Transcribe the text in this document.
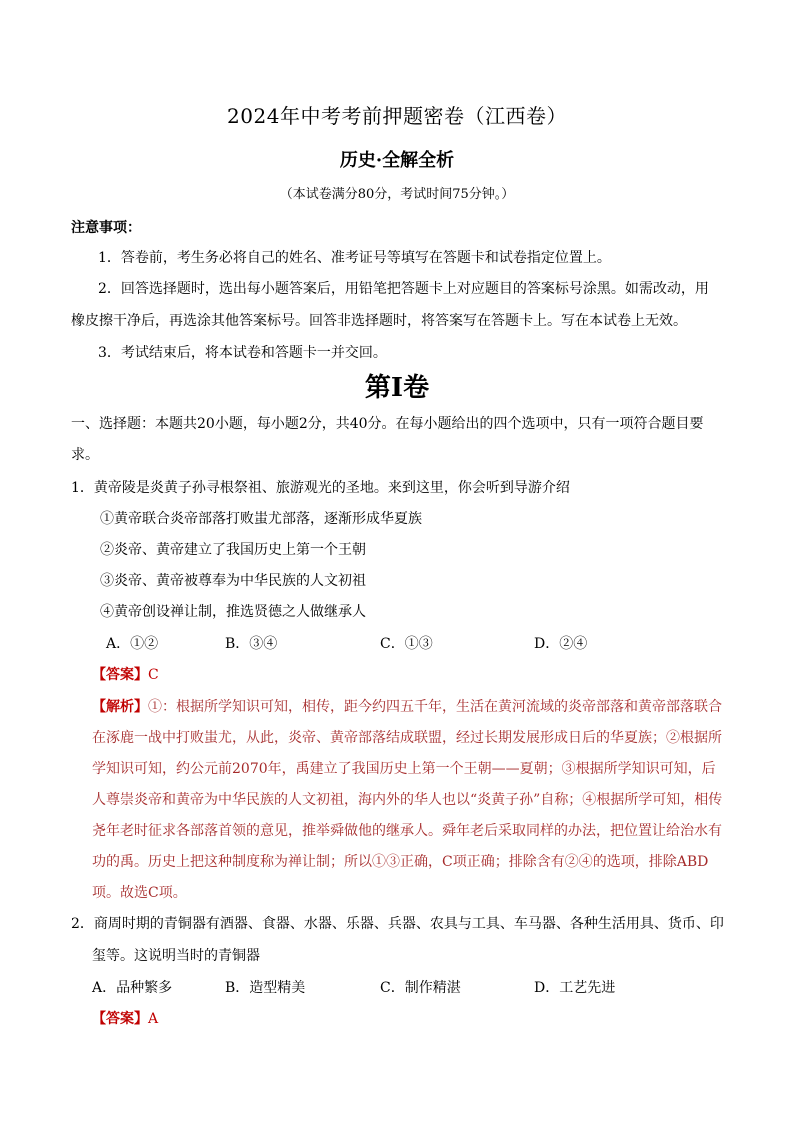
2024年中考考前押题密卷（江西卷）
历史·全解全析
（本试卷满分80分，考试时间75分钟。）
注意事项：
1．答卷前，考生务必将自己的姓名、准考证号等填写在答题卡和试卷指定位置上。
2．回答选择题时，选出每小题答案后，用铅笔把答题卡上对应题目的答案标号涂黑。如需改动，用
橡皮擦干净后，再选涂其他答案标号。回答非选择题时，将答案写在答题卡上。写在本试卷上无效。
3．考试结束后，将本试卷和答题卡一并交回。
第Ⅰ卷
一、选择题：本题共20小题，每小题2分，共40分。在每小题给出的四个选项中，只有一项符合题目要
求。
1．黄帝陵是炎黄子孙寻根祭祖、旅游观光的圣地。来到这里，你会听到导游介绍
①黄帝联合炎帝部落打败蚩尤部落，逐渐形成华夏族
②炎帝、黄帝建立了我国历史上第一个王朝
③炎帝、黄帝被尊奉为中华民族的人文初祖
④黄帝创设禅让制，推选贤德之人做继承人
A．①②	B．③④	C．①③	D．②④
【答案】C
【解析】①：根据所学知识可知，相传，距今约四五千年，生活在黄河流域的炎帝部落和黄帝部落联合
在涿鹿一战中打败蚩尤，从此，炎帝、黄帝部落结成联盟，经过长期发展形成日后的华夏族；②根据所
学知识可知，约公元前2070年，禹建立了我国历史上第一个王朝——夏朝；③根据所学知识可知，后
人尊崇炎帝和黄帝为中华民族的人文初祖，海内外的华人也以“炎黄子孙”自称；④根据所学可知，相传
尧年老时征求各部落首领的意见，推举舜做他的继承人。舜年老后采取同样的办法，把位置让给治水有
功的禹。历史上把这种制度称为禅让制；所以①③正确，C项正确；排除含有②④的选项，排除ABD
项。故选C项。
2．商周时期的青铜器有酒器、食器、水器、乐器、兵器、农具与工具、车马器、各种生活用具、货币、印
玺等。这说明当时的青铜器
A．品种繁多	B．造型精美	C．制作精湛	D．工艺先进
【答案】A
